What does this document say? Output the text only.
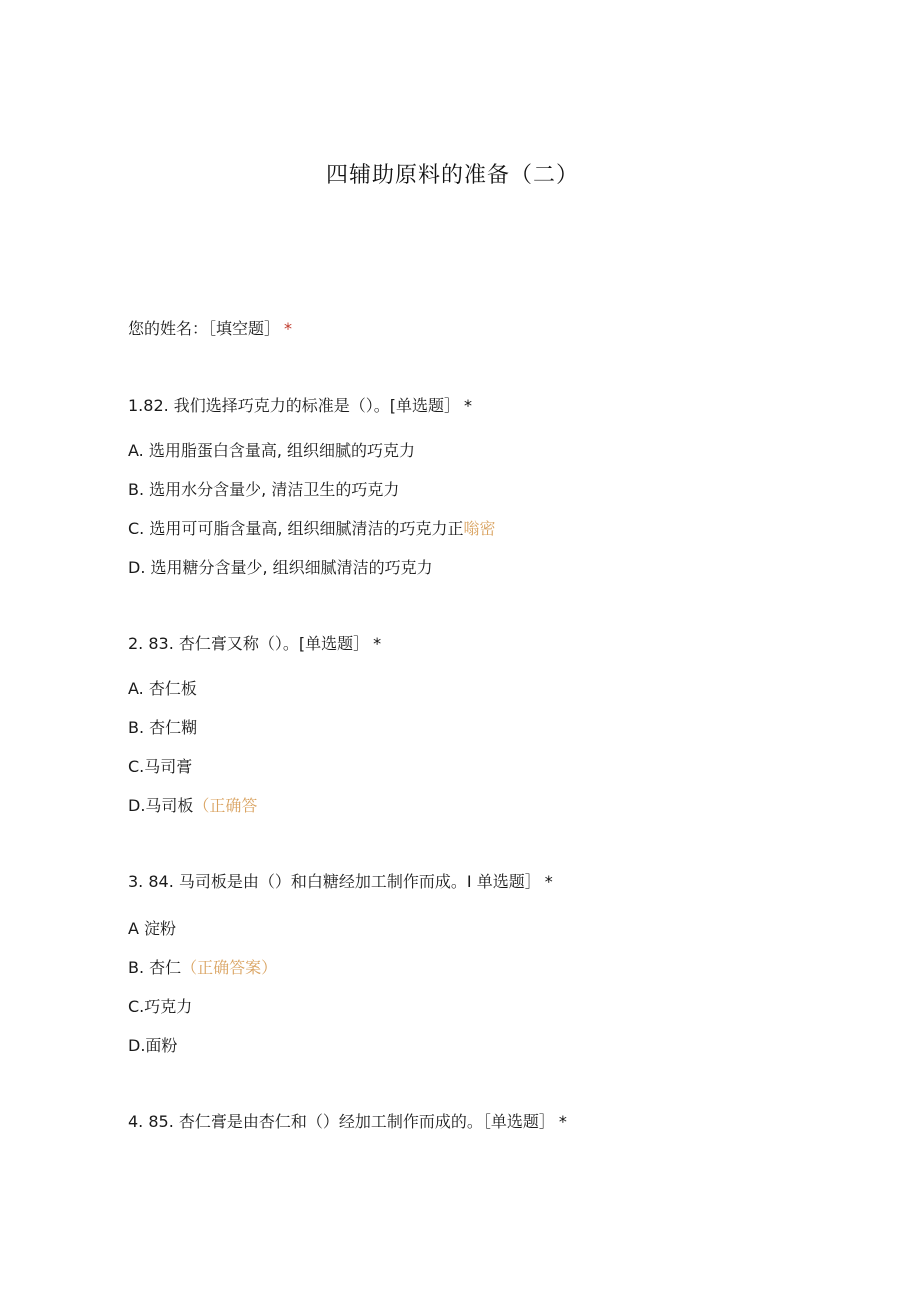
四辅助原料的准备（二）
您的姓名：［填空题］ *
1.82. 我们选择巧克力的标准是（）。[单选题］ *
A. 选用脂蛋白含量高, 组织细腻的巧克力
B. 选用水分含量少, 清洁卫生的巧克力
C. 选用可可脂含量高, 组织细腻清洁的巧克力正嗡密
D. 选用糖分含量少, 组织细腻清洁的巧克力
2. 83. 杏仁膏又称（）。[单选题］ *
A. 杏仁板
B. 杏仁糊
C.马司膏
D.马司板（正确答
3. 84. 马司板是由（）和白糖经加工制作而成。I 单选题］ *
A 淀粉
B. 杏仁（正确答案）
C.巧克力
D.面粉
4. 85. 杏仁膏是由杏仁和（）经加工制作而成的。［单选题］ *
